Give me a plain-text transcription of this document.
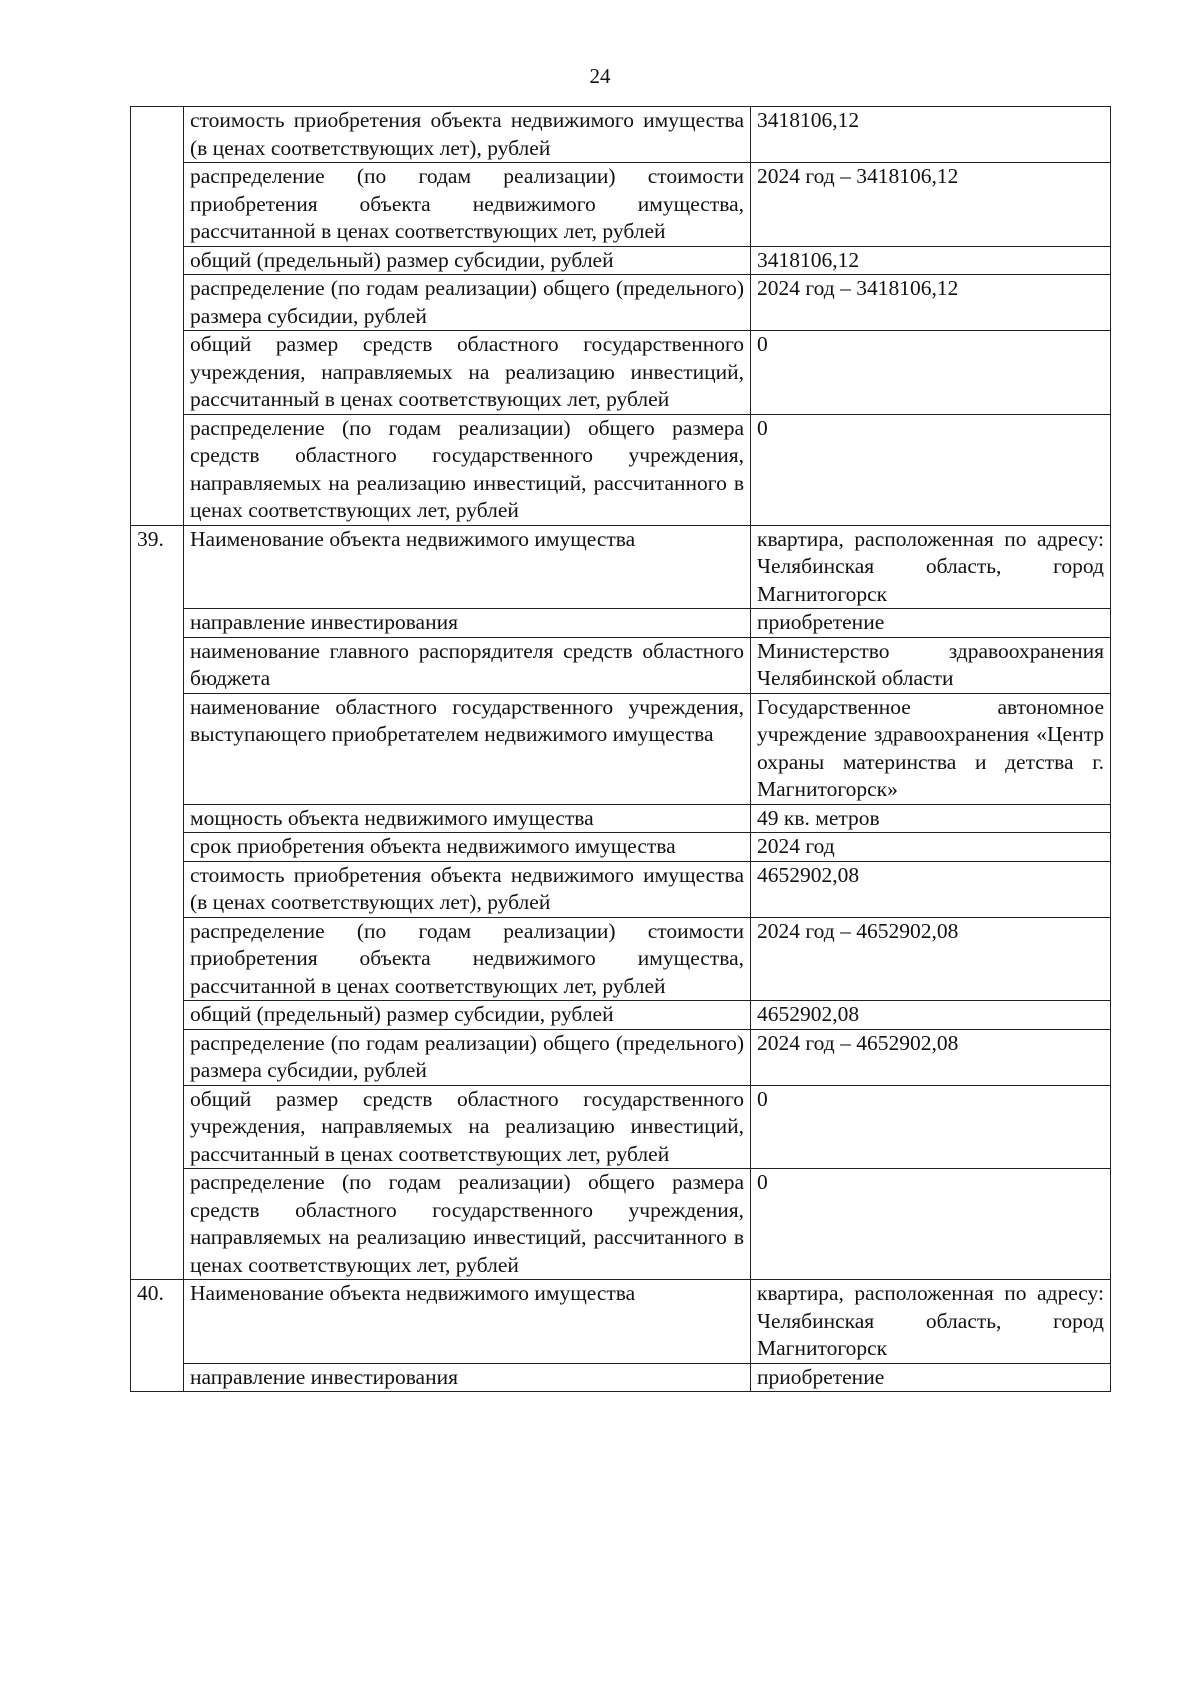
24
	стоимость приобретения объекта недвижимого имущества (в ценах соответствующих лет), рублей	3418106,12

	распределение (по годам реализации) стоимости приобретения объекта недвижимого имущества, рассчитанной в ценах соответствующих лет, рублей	2024 год – 3418106,12

	общий (предельный) размер субсидии, рублей	3418106,12

	распределение (по годам реализации) общего (предельного) размера субсидии, рублей	2024 год – 3418106,12

	общий размер средств областного государственного учреждения, направляемых на реализацию инвестиций, рассчитанный в ценах соответствующих лет, рублей	0

	распределение (по годам реализации) общего размера средств областного государственного учреждения, направляемых на реализацию инвестиций, рассчитанного в ценах соответствующих лет, рублей	0

39.	Наименование объекта недвижимого имущества	квартира, расположенная по адресу: Челябинская область, город Магнитогорск

	направление инвестирования	приобретение

	наименование главного распорядителя средств областного бюджета	Министерство здравоохранения Челябинской области

	наименование областного государственного учреждения, выступающего приобретателем недвижимого имущества	Государственное автономное учреждение здравоохранения «Центр охраны материнства и детства г. Магнитогорск»

	мощность объекта недвижимого имущества	49 кв. метров

	срок приобретения объекта недвижимого имущества	2024 год

	стоимость приобретения объекта недвижимого имущества (в ценах соответствующих лет), рублей	4652902,08

	распределение (по годам реализации) стоимости приобретения объекта недвижимого имущества, рассчитанной в ценах соответствующих лет, рублей	2024 год – 4652902,08

	общий (предельный) размер субсидии, рублей	4652902,08

	распределение (по годам реализации) общего (предельного) размера субсидии, рублей	2024 год – 4652902,08

	общий размер средств областного государственного учреждения, направляемых на реализацию инвестиций, рассчитанный в ценах соответствующих лет, рублей	0

	распределение (по годам реализации) общего размера средств областного государственного учреждения, направляемых на реализацию инвестиций, рассчитанного в ценах соответствующих лет, рублей	0

40.	Наименование объекта недвижимого имущества	квартира, расположенная по адресу: Челябинская область, город Магнитогорск

	направление инвестирования	приобретение
